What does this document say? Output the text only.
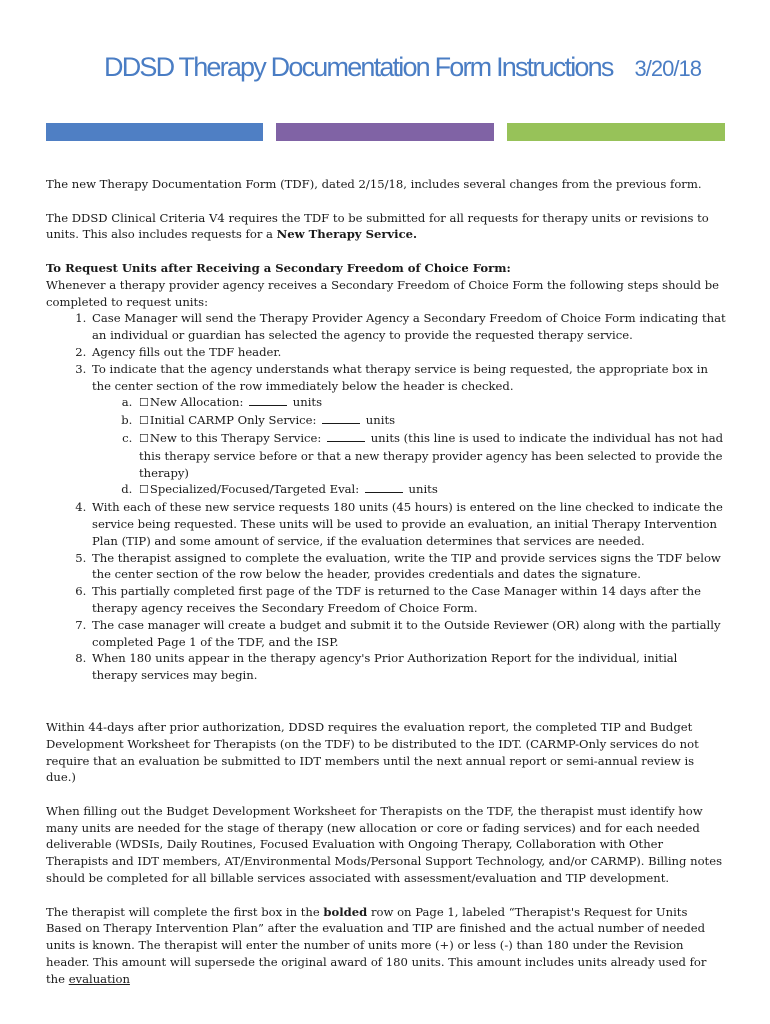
DDSD Therapy Documentation Form Instructions 3/20/18

The new Therapy Documentation Form (TDF), dated 2/15/18, includes several changes from the previous form.

The DDSD Clinical Criteria V4 requires the TDF to be submitted for all requests for therapy units or revisions to units. This also includes requests for a New Therapy Service.

To Request Units after Receiving a Secondary Freedom of Choice Form:

Whenever a therapy provider agency receives a Secondary Freedom of Choice Form the following steps should be completed to request units:

1. Case Manager will send the Therapy Provider Agency a Secondary Freedom of Choice Form indicating that an individual or guardian has selected the agency to provide the requested therapy service.
2. Agency fills out the TDF header.
3. To indicate that the agency understands what therapy service is being requested, the appropriate box in the center section of the row immediately below the header is checked.
a. ☐New Allocation:	units
b. ☐Initial CARMP Only Service:	units
c. ☐New to this Therapy Service:	units (this line is used to indicate the individual has not had this therapy service before or that a new therapy provider agency has been selected to provide the therapy)
d. ☐Specialized/Focused/Targeted Eval:	units
4. With each of these new service requests 180 units (45 hours) is entered on the line checked to indicate the service being requested. These units will be used to provide an evaluation, an initial Therapy Intervention Plan (TIP) and some amount of service, if the evaluation determines that services are needed.
5. The therapist assigned to complete the evaluation, write the TIP and provide services signs the TDF below the center section of the row below the header, provides credentials and dates the signature.
6. This partially completed first page of the TDF is returned to the Case Manager within 14 days after the therapy agency receives the Secondary Freedom of Choice Form.
7. The case manager will create a budget and submit it to the Outside Reviewer (OR) along with the partially completed Page 1 of the TDF, and the ISP.
8. When 180 units appear in the therapy agency's Prior Authorization Report for the individual, initial therapy services may begin.

Within 44-days after prior authorization, DDSD requires the evaluation report, the completed TIP and Budget Development Worksheet for Therapists (on the TDF) to be distributed to the IDT. (CARMP-Only services do not require that an evaluation be submitted to IDT members until the next annual report or semi-annual review is due.)

When filling out the Budget Development Worksheet for Therapists on the TDF, the therapist must identify how many units are needed for the stage of therapy (new allocation or core or fading services) and for each needed deliverable (WDSIs, Daily Routines, Focused Evaluation with Ongoing Therapy, Collaboration with Other Therapists and IDT members, AT/Environmental Mods/Personal Support Technology, and/or CARMP). Billing notes should be completed for all billable services associated with assessment/evaluation and TIP development.

The therapist will complete the first box in the bolded row on Page 1, labeled “Therapist's Request for Units Based on Therapy Intervention Plan” after the evaluation and TIP are finished and the actual number of needed units is known. The therapist will enter the number of units more (+) or less (-) than 180 under the Revision header. This amount will supersede the original award of 180 units. This amount includes units already used for the evaluation
